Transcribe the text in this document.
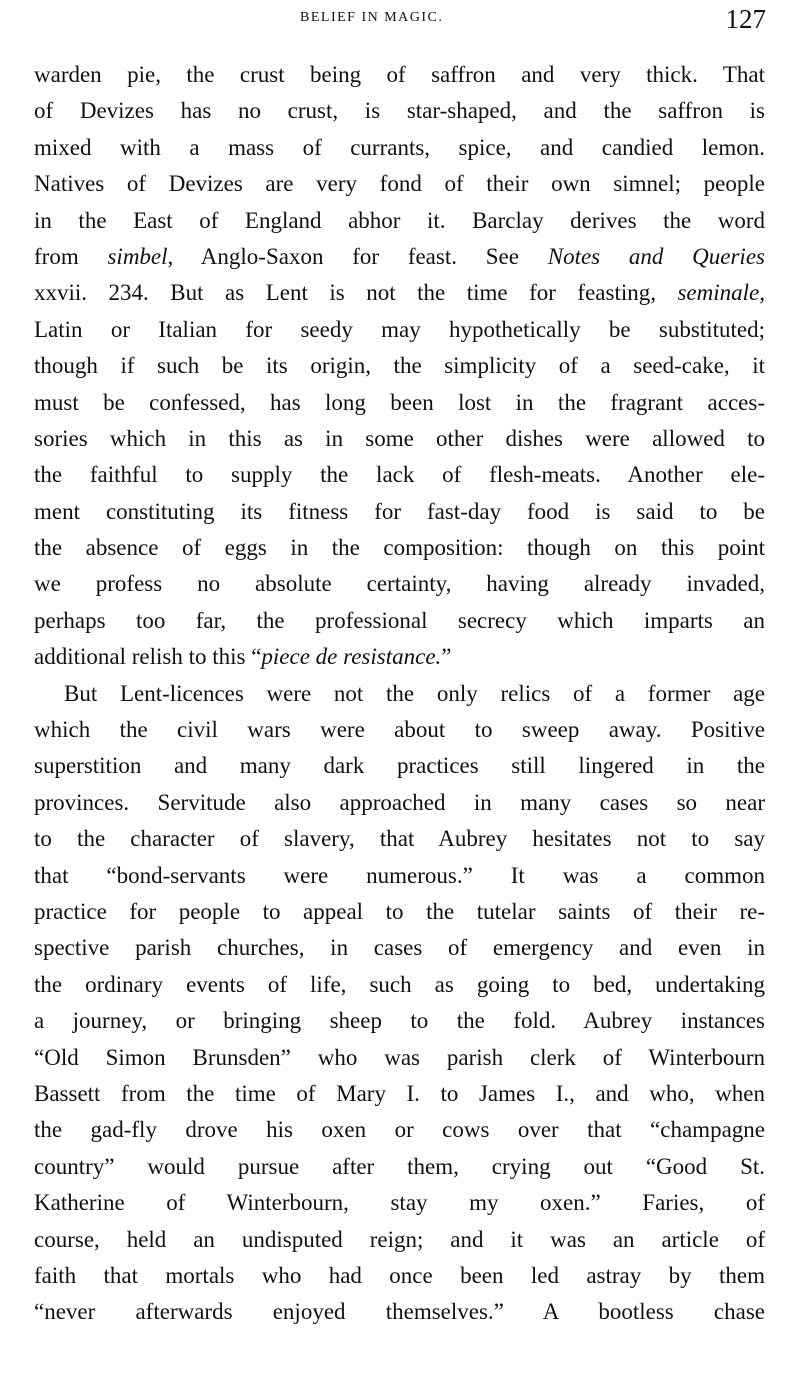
BELIEF IN MAGIC.	127
warden pie, the crust being of saffron and very thick. That
of Devizes has no crust, is star-shaped, and the saffron is
mixed with a mass of currants, spice, and candied lemon.
Natives of Devizes are very fond of their own simnel; people
in the East of England abhor it. Barclay derives the word
from simbel, Anglo-Saxon for feast. See Notes and Queries
xxvii. 234. But as Lent is not the time for feasting, seminale,
Latin or Italian for seedy may hypothetically be substituted;
though if such be its origin, the simplicity of a seed-cake, it
must be confessed, has long been lost in the fragrant acces-
sories which in this as in some other dishes were allowed to
the faithful to supply the lack of flesh-meats. Another ele-
ment constituting its fitness for fast-day food is said to be
the absence of eggs in the composition: though on this point
we profess no absolute certainty, having already invaded,
perhaps too far, the professional secrecy which imparts an
additional relish to this “piece de resistance.”
But Lent-licences were not the only relics of a former age
which the civil wars were about to sweep away. Positive
superstition and many dark practices still lingered in the
provinces. Servitude also approached in many cases so near
to the character of slavery, that Aubrey hesitates not to say
that “bond-servants were numerous.” It was a common
practice for people to appeal to the tutelar saints of their re-
spective parish churches, in cases of emergency and even in
the ordinary events of life, such as going to bed, undertaking
a journey, or bringing sheep to the fold. Aubrey instances
“Old Simon Brunsden” who was parish clerk of Winterbourn
Bassett from the time of Mary I. to James I., and who, when
the gad-fly drove his oxen or cows over that “champagne
country” would pursue after them, crying out “Good St.
Katherine of Winterbourn, stay my oxen.” Faries, of
course, held an undisputed reign; and it was an article of
faith that mortals who had once been led astray by them
“never afterwards enjoyed themselves.” A bootless chase
